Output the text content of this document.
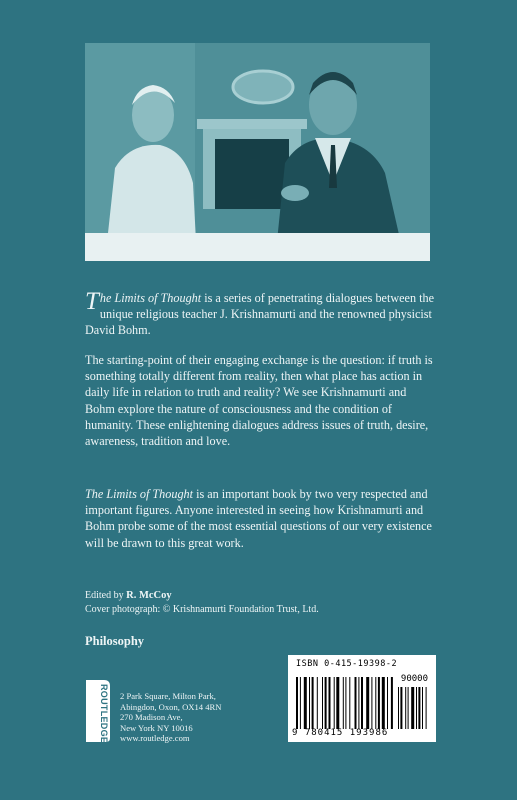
The Limits of Thought is a series of penetrating dialogues between the unique religious teacher J. Krishnamurti and the renowned physicist David Bohm.
The starting-point of their engaging exchange is the question: if truth is something totally different from reality, then what place has action in daily life in relation to truth and reality? We see Krishnamurti and Bohm explore the nature of consciousness and the condition of humanity. These enlightening dialogues address issues of truth, desire, awareness, tradition and love.
The Limits of Thought is an important book by two very respected and important figures. Anyone interested in seeing how Krishnamurti and Bohm probe some of the most essential questions of our very existence will be drawn to this great work.
Edited by R. McCoy
Cover photograph: © Krishnamurti Foundation Trust, Ltd.
Philosophy
ROUTLEDGE 2 Park Square, Milton Park,
Abingdon, Oxon, OX14 4RN
270 Madison Ave,
New York NY 10016
www.routledge.com
ISBN 0-415-19398-2
90000
9 780415 193986
